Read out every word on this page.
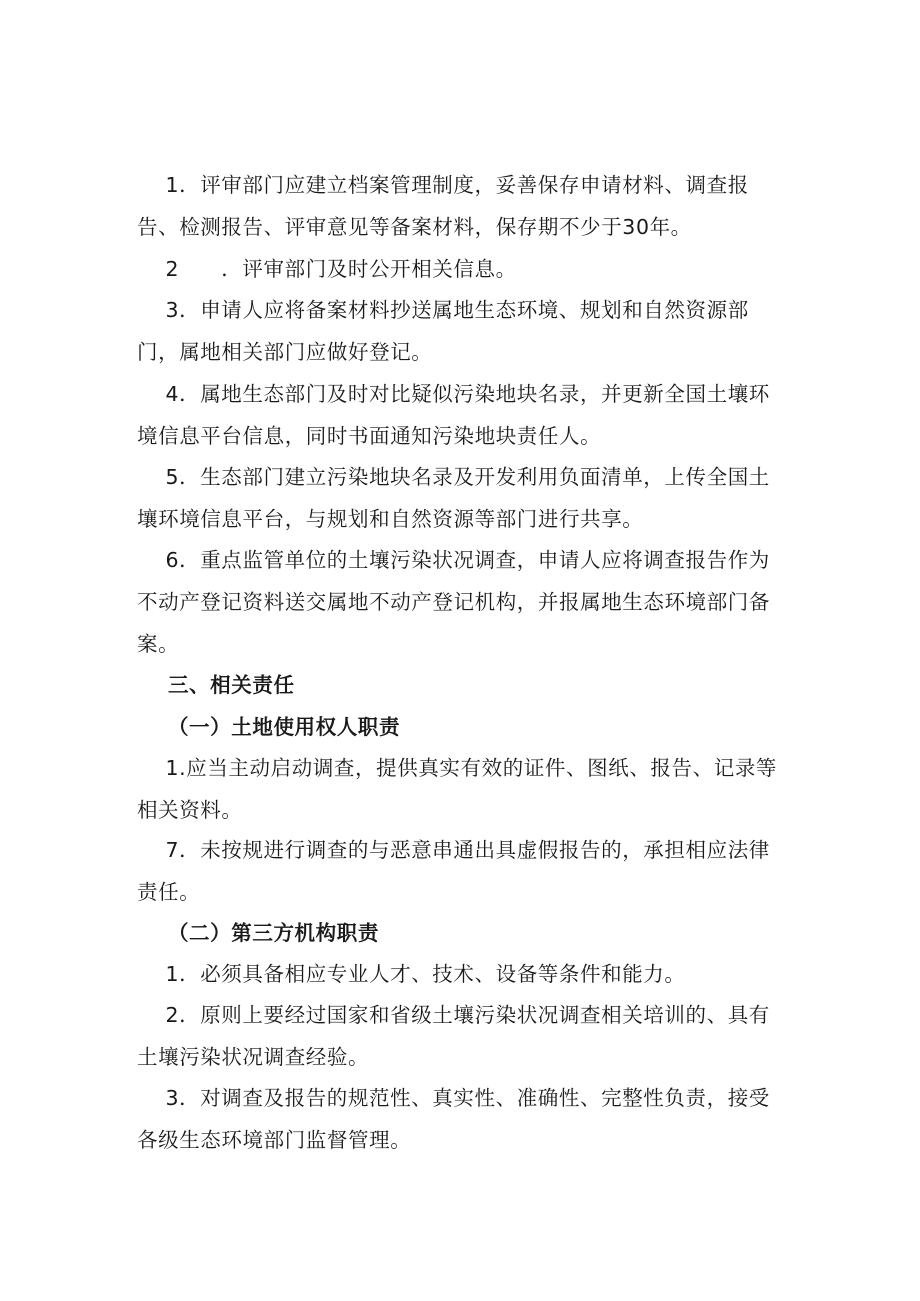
1．评审部门应建立档案管理制度，妥善保存申请材料、调查报告、检测报告、评审意见等备案材料，保存期不少于30年。

2　　．评审部门及时公开相关信息。

3．申请人应将备案材料抄送属地生态环境、规划和自然资源部门，属地相关部门应做好登记。

4．属地生态部门及时对比疑似污染地块名录，并更新全国土壤环境信息平台信息，同时书面通知污染地块责任人。

5．生态部门建立污染地块名录及开发利用负面清单，上传全国土壤环境信息平台，与规划和自然资源等部门进行共享。

6．重点监管单位的土壤污染状况调查，申请人应将调查报告作为不动产登记资料送交属地不动产登记机构，并报属地生态环境部门备案。

三、相关责任

（一）土地使用权人职责

1.应当主动启动调查，提供真实有效的证件、图纸、报告、记录等相关资料。

7．未按规进行调查的与恶意串通出具虚假报告的，承担相应法律责任。

（二）第三方机构职责

1．必须具备相应专业人才、技术、设备等条件和能力。

2．原则上要经过国家和省级土壤污染状况调查相关培训的、具有土壤污染状况调查经验。

3．对调查及报告的规范性、真实性、准确性、完整性负责，接受各级生态环境部门监督管理。
